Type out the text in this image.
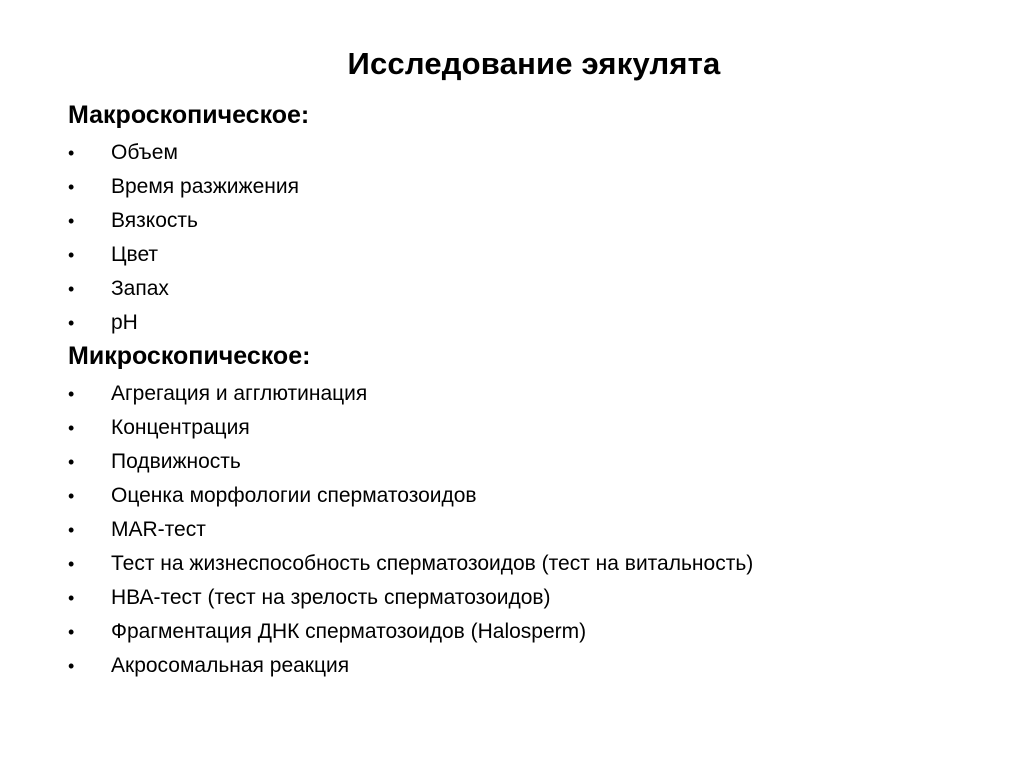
Исследование эякулята
Макроскопическое:
• Объем
• Время разжижения
• Вязкость
• Цвет
• Запах
• pH
Микроскопическое:
• Агрегация и агглютинация
• Концентрация
• Подвижность
• Оценка морфологии сперматозоидов
• MAR-тест
• Тест на жизнеспособность сперматозоидов (тест на витальность)
• НВА-тест (тест на зрелость сперматозоидов)
• Фрагментация ДНК сперматозоидов (Halosperm)
• Акросомальная реакция
